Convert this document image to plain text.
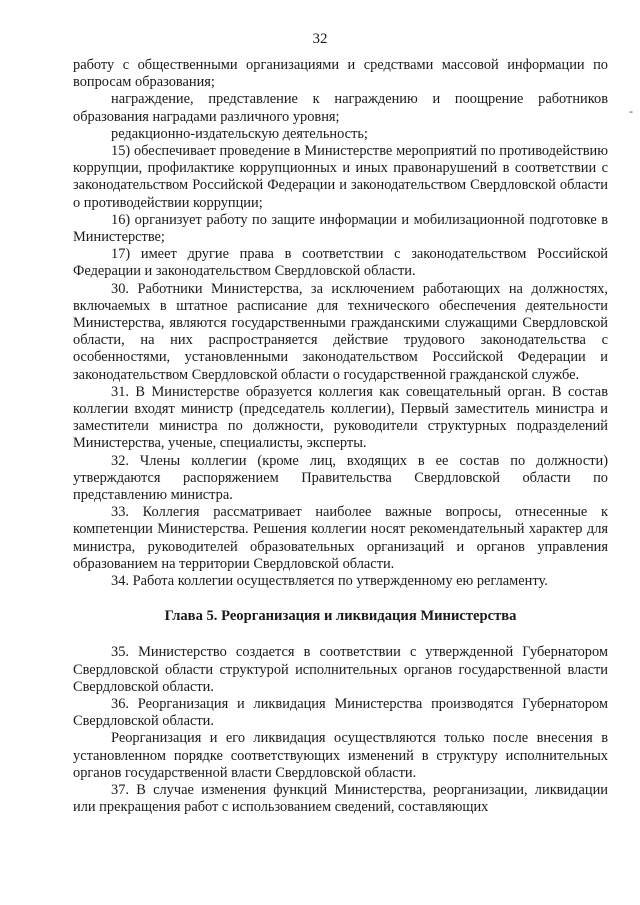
32
-

работу с общественными организациями и средствами массовой информации по вопросам образования;

награждение, представление к награждению и поощрение работников образования наградами различного уровня;

редакционно-издательскую деятельность;

15) обеспечивает проведение в Министерстве мероприятий по противодействию коррупции, профилактике коррупционных и иных правонарушений в соответствии с законодательством Российской Федерации и законодательством Свердловской области о противодействии коррупции;

16) организует работу по защите информации и мобилизационной подготовке в Министерстве;

17) имеет другие права в соответствии с законодательством Российской Федерации и законодательством Свердловской области.

30. Работники Министерства, за исключением работающих на должностях, включаемых в штатное расписание для технического обеспечения деятельности Министерства, являются государственными гражданскими служащими Свердловской области, на них распространяется действие трудового законодательства с особенностями, установленными законодательством Российской Федерации и законодательством Свердловской области о государственной гражданской службе.

31. В Министерстве образуется коллегия как совещательный орган. В состав коллегии входят министр (председатель коллегии), Первый заместитель министра и заместители министра по должности, руководители структурных подразделений Министерства, ученые, специалисты, эксперты.

32. Члены коллегии (кроме лиц, входящих в ее состав по должности) утверждаются распоряжением Правительства Свердловской области по представлению министра.

33. Коллегия рассматривает наиболее важные вопросы, отнесенные к компетенции Министерства. Решения коллегии носят рекомендательный характер для министра, руководителей образовательных организаций и органов управления образованием на территории Свердловской области.

34. Работа коллегии осуществляется по утвержденному ею регламенту.

Глава 5. Реорганизация и ликвидация Министерства

35. Министерство создается в соответствии с утвержденной Губернатором Свердловской области структурой исполнительных органов государственной власти Свердловской области.

36. Реорганизация и ликвидация Министерства производятся Губернатором Свердловской области.

Реорганизация и его ликвидация осуществляются только после внесения в установленном порядке соответствующих изменений в структуру исполнительных органов государственной власти Свердловской области.

37. В случае изменения функций Министерства, реорганизации, ликвидации или прекращения работ с использованием сведений, составляющих
